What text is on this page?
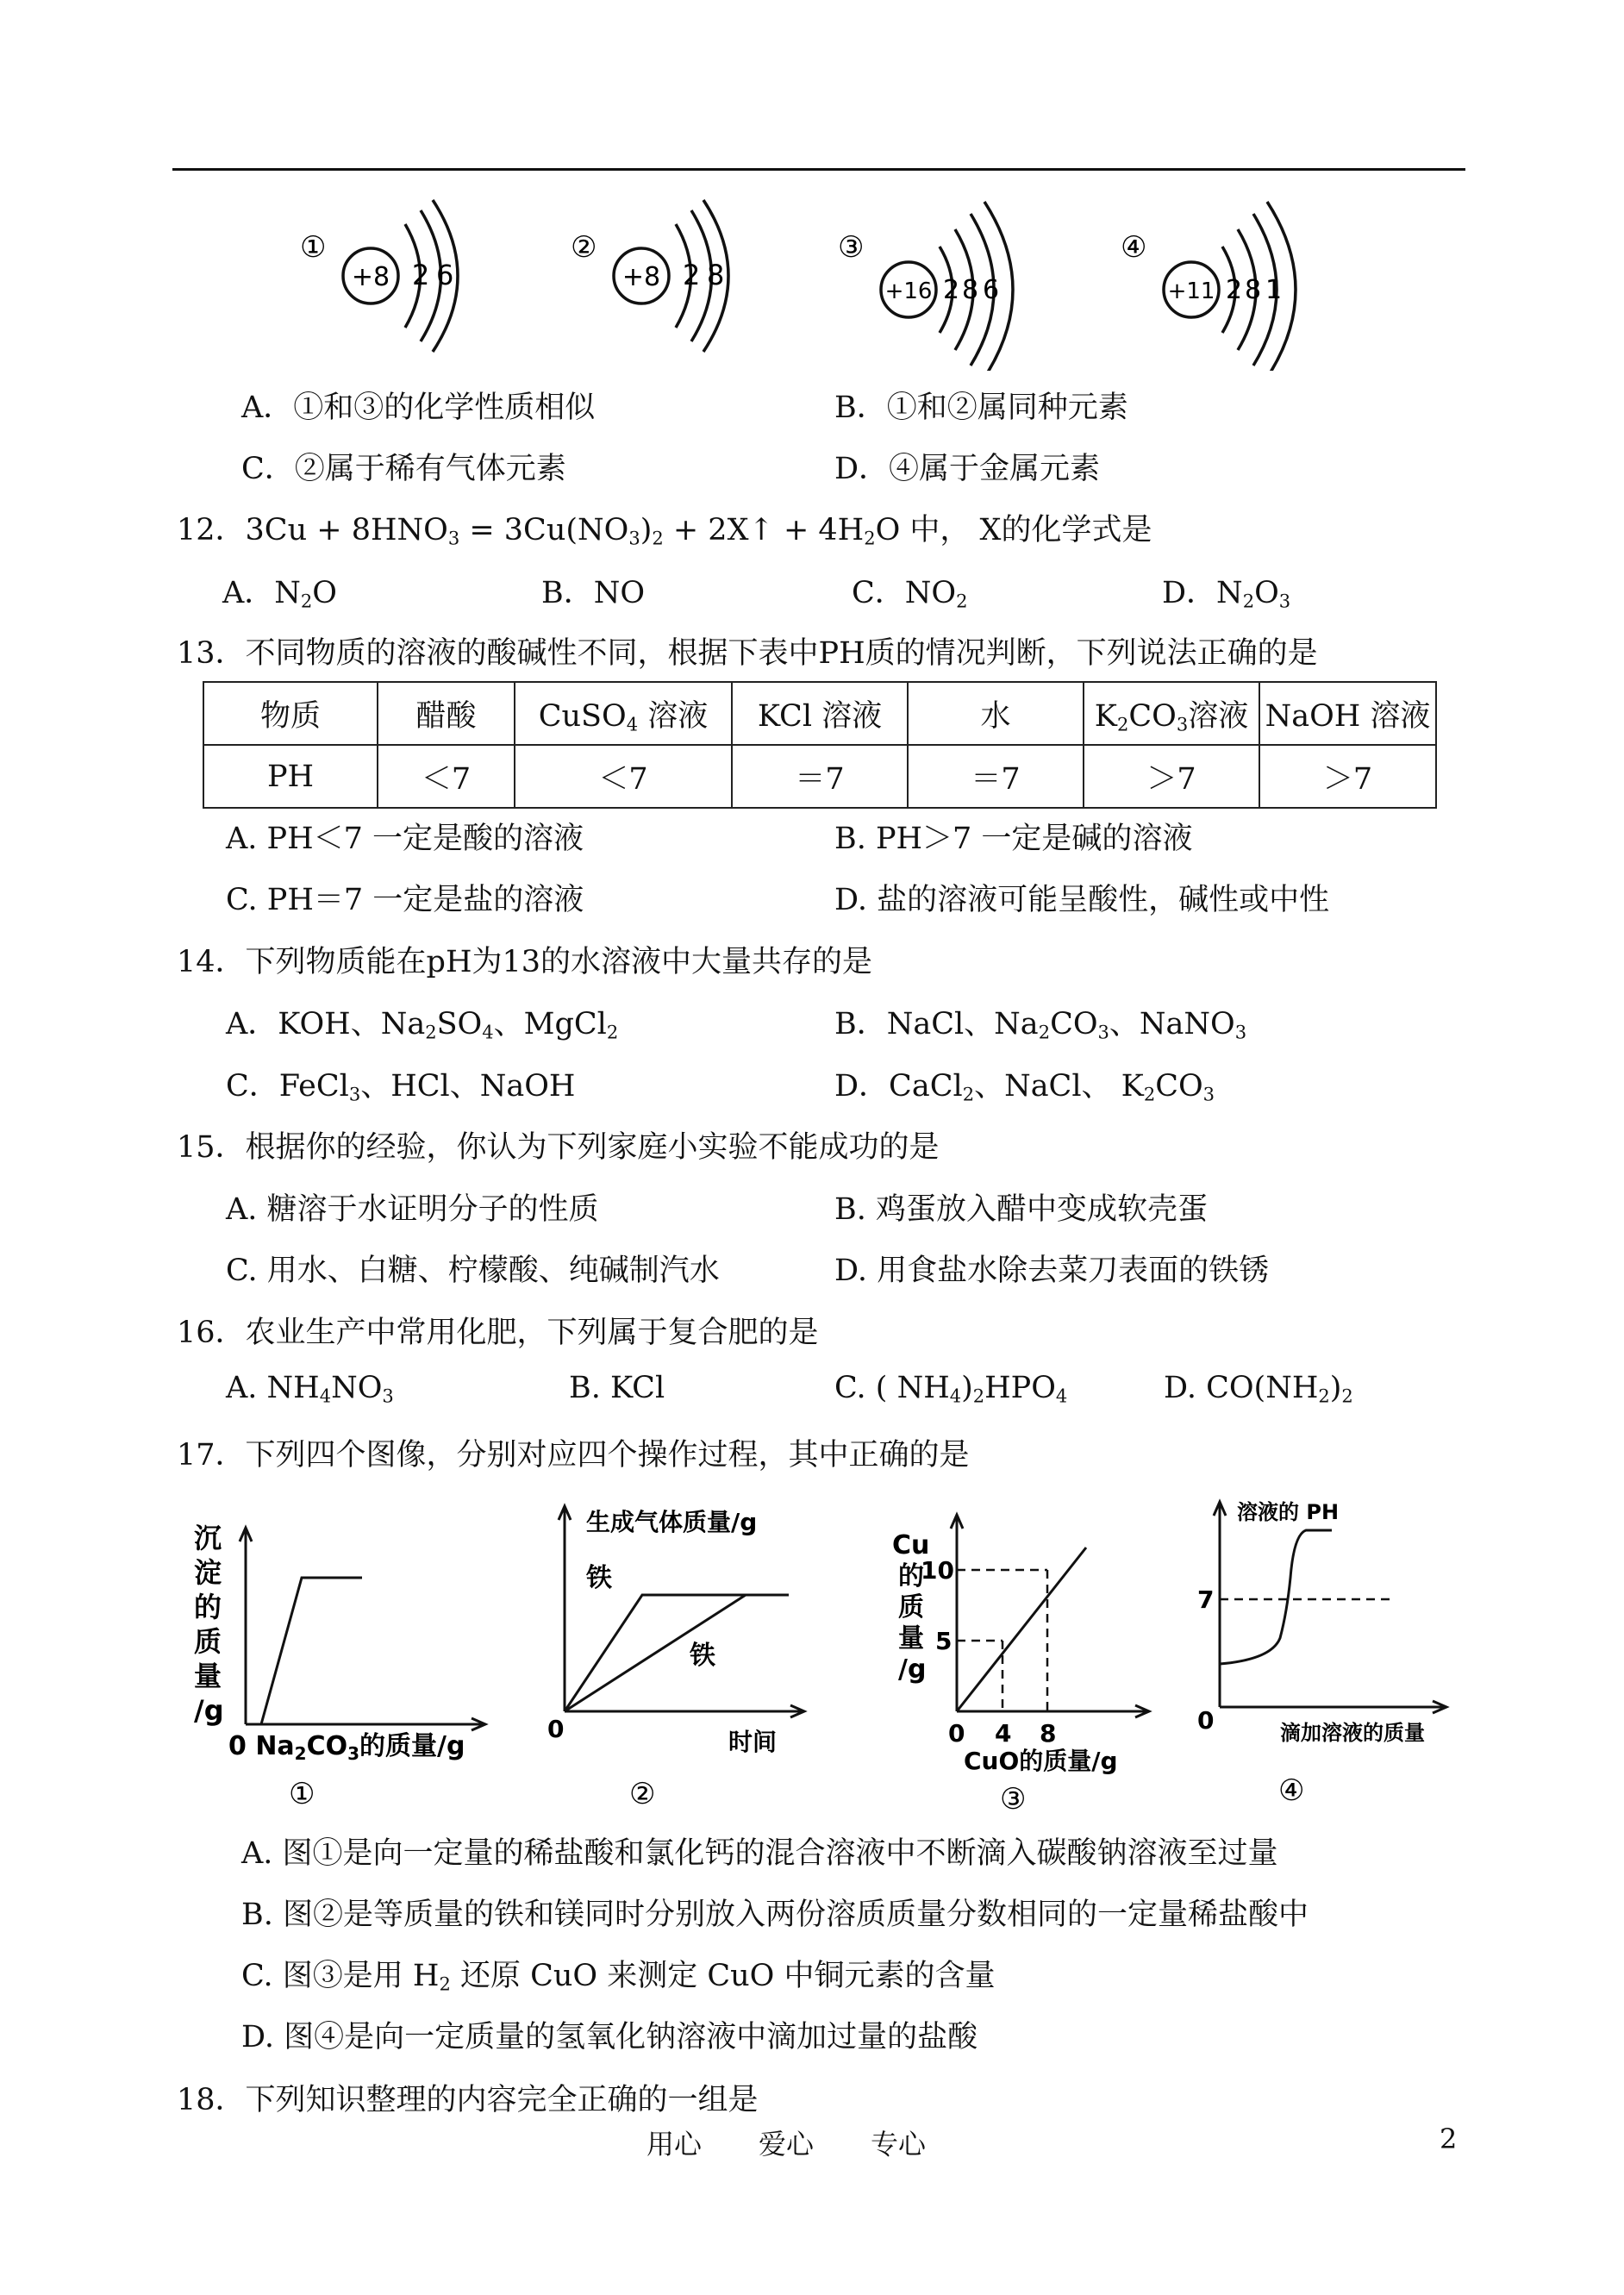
①
+8 2 6
②
+8 2 8
③
+16 2 8 6
④
+11 2 8 1
A．①和③的化学性质相似	B．①和②属同种元素
C．②属于稀有气体元素	D．④属于金属元素
12．$3Cu + 8HNO_3 = 3Cu(NO_3)_2$ + 2X↑ + $4H_2O$ 中， X的化学式是
A．$N_2O$	B．NO	C．$NO_2$	D．$N_2O_3$
13．不同物质的溶液的酸碱性不同，根据下表中PH质的情况判断，下列说法正确的是
物质	醋酸	CuSO$_4$ 溶液	KCl 溶液	水	$K_2CO_3$溶液	NaOH 溶液
PH	＜7	＜7	＝7	＝7	＞7	＞7
A. PH＜7 一定是酸的溶液	B. PH＞7 一定是碱的溶液
C. PH＝7 一定是盐的溶液	D. 盐的溶液可能呈酸性，碱性或中性
14．下列物质能在pH为13的水溶液中大量共存的是
A．KOH、$Na_2SO_4$、MgCl$_2$	B．NaCl、$Na_2CO_3$、NaNO$_3$
C．FeCl$_3$、HCl、NaOH	D．CaCl$_2$、NaCl、 $K_2CO_3$
15．根据你的经验，你认为下列家庭小实验不能成功的是
A. 糖溶于水证明分子的性质	B. 鸡蛋放入醋中变成软壳蛋
C. 用水、白糖、柠檬酸、纯碱制汽水	D. 用食盐水除去菜刀表面的铁锈
16．农业生产中常用化肥，下列属于复合肥的是
A. $NH_4NO_3$	B. KCl	C. ( $NH_4)_2HPO_4$	D. $CO(NH_2)_2$
17．下列四个图像，分别对应四个操作过程，其中正确的是
沉
淀
的
质
量
/g
0 $Na_2CO_3$的质量/g
①
生成气体质量/g
铁
铁
0	时间
②
Cu
的
质
量
/g
10
5
0 4 8
CuO的质量/g
③
溶液的 PH
7
0	滴加溶液的质量
④
A. 图①是向一定量的稀盐酸和氯化钙的混合溶液中不断滴入碳酸钠溶液至过量
B. 图②是等质量的铁和镁同时分别放入两份溶质质量分数相同的一定量稀盐酸中
C. 图③是用 $H_2$ 还原 CuO 来测定 CuO 中铜元素的含量
D. 图④是向一定质量的氢氧化钠溶液中滴加过量的盐酸
18．下列知识整理的内容完全正确的一组是
用心 爱心 专心	2
